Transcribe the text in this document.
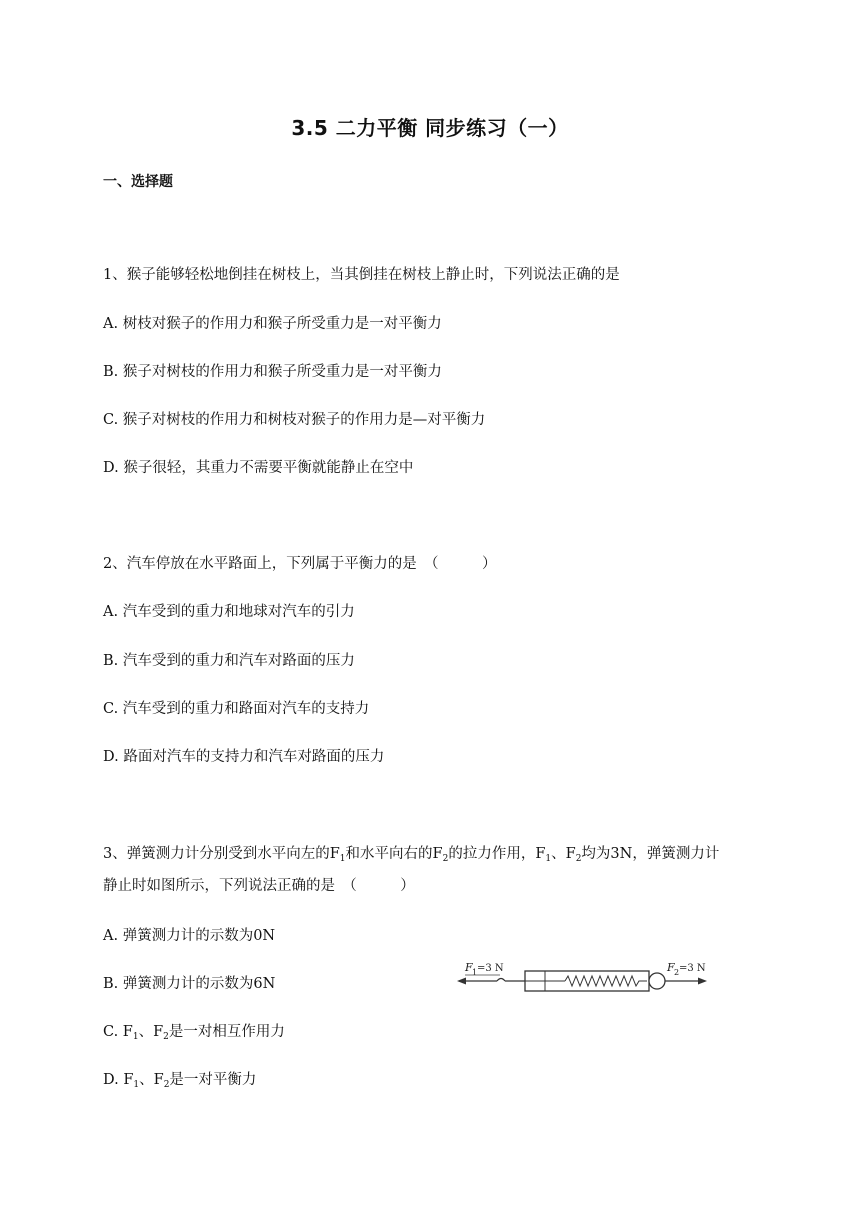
3.5 二力平衡 同步练习（一）
一、选择题
1、猴子能够轻松地倒挂在树枝上，当其倒挂在树枝上静止时，下列说法正确的是
A. 树枝对猴子的作用力和猴子所受重力是一对平衡力
B. 猴子对树枝的作用力和猴子所受重力是一对平衡力
C. 猴子对树枝的作用力和树枝对猴子的作用力是—对平衡力
D. 猴子很轻，其重力不需要平衡就能静止在空中
2、汽车停放在水平路面上，下列属于平衡力的是　（　　　）
A. 汽车受到的重力和地球对汽车的引力
B. 汽车受到的重力和汽车对路面的压力
C. 汽车受到的重力和路面对汽车的支持力
D. 路面对汽车的支持力和汽车对路面的压力
3、弹簧测力计分别受到水平向左的$F_1$和水平向右的$F_2$的拉力作用，$F_1$、$F_2$均为3N，弹簧测力计
静止时如图所示，下列说法正确的是　（　　　）
A. 弹簧测力计的示数为0N
B. 弹簧测力计的示数为6N
C. $F_1$、$F_2$是一对相互作用力
D. $F_1$、$F_2$是一对平衡力
F 1 =3 N	F 2 =3 N
